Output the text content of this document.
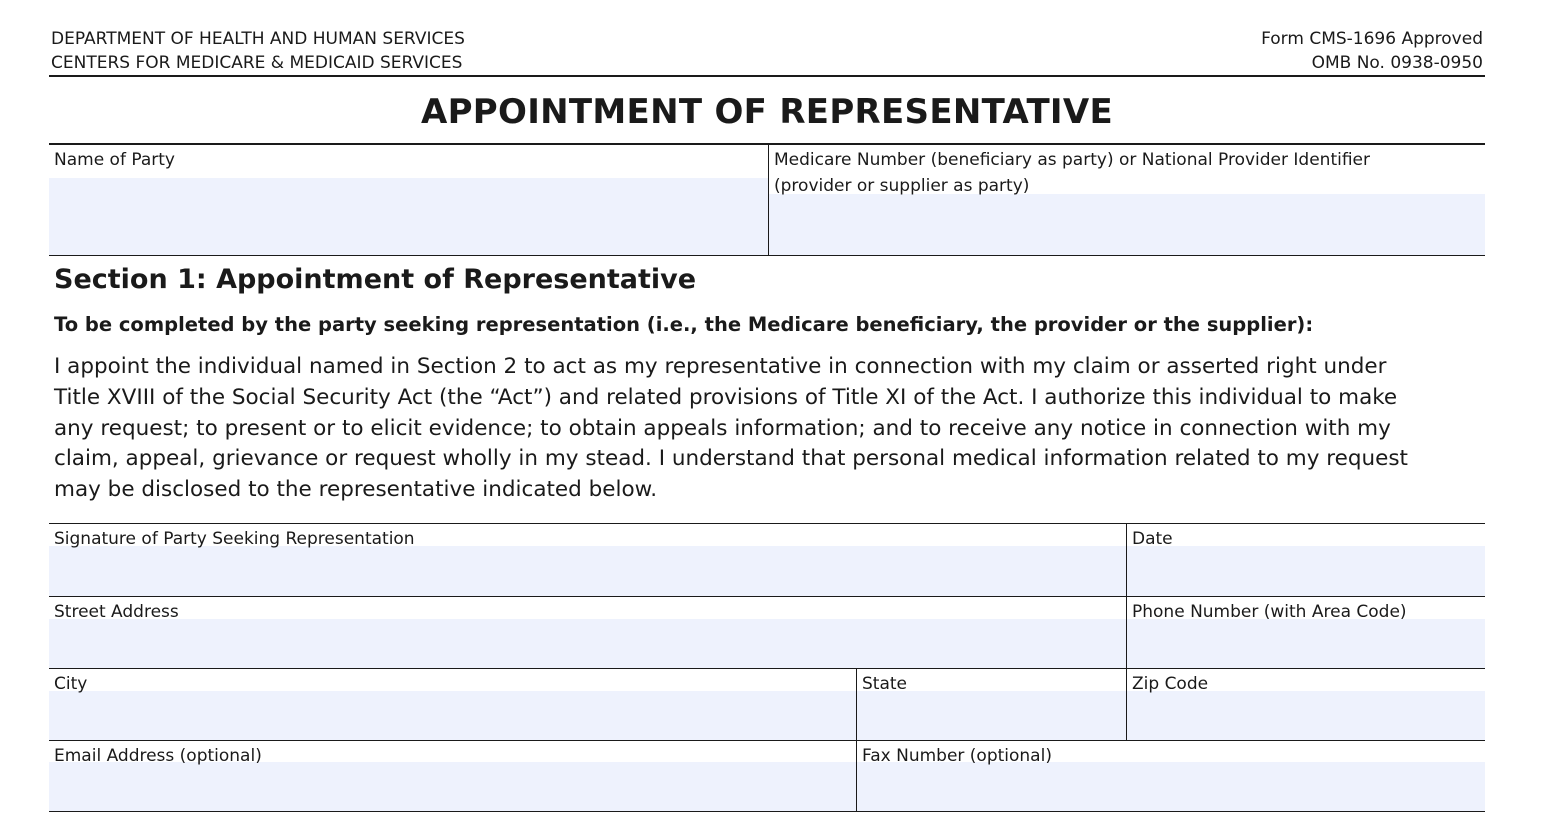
DEPARTMENT OF HEALTH AND HUMAN SERVICES
CENTERS FOR MEDICARE & MEDICAID SERVICES
Form CMS-1696 Approved
OMB No. 0938-0950
APPOINTMENT OF REPRESENTATIVE
Name of Party	Medicare Number (beneficiary as party) or National Provider Identifier
(provider or supplier as party)
Section 1: Appointment of Representative
To be completed by the party seeking representation (i.e., the Medicare beneficiary, the provider or the supplier):
I appoint the individual named in Section 2 to act as my representative in connection with my claim or asserted right under
Title XVIII of the Social Security Act (the “Act”) and related provisions of Title XI of the Act. I authorize this individual to make
any request; to present or to elicit evidence; to obtain appeals information; and to receive any notice in connection with my
claim, appeal, grievance or request wholly in my stead. I understand that personal medical information related to my request
may be disclosed to the representative indicated below.
Signature of Party Seeking Representation	Date
Street Address	Phone Number (with Area Code)
City	State	Zip Code
Email Address (optional)	Fax Number (optional)
